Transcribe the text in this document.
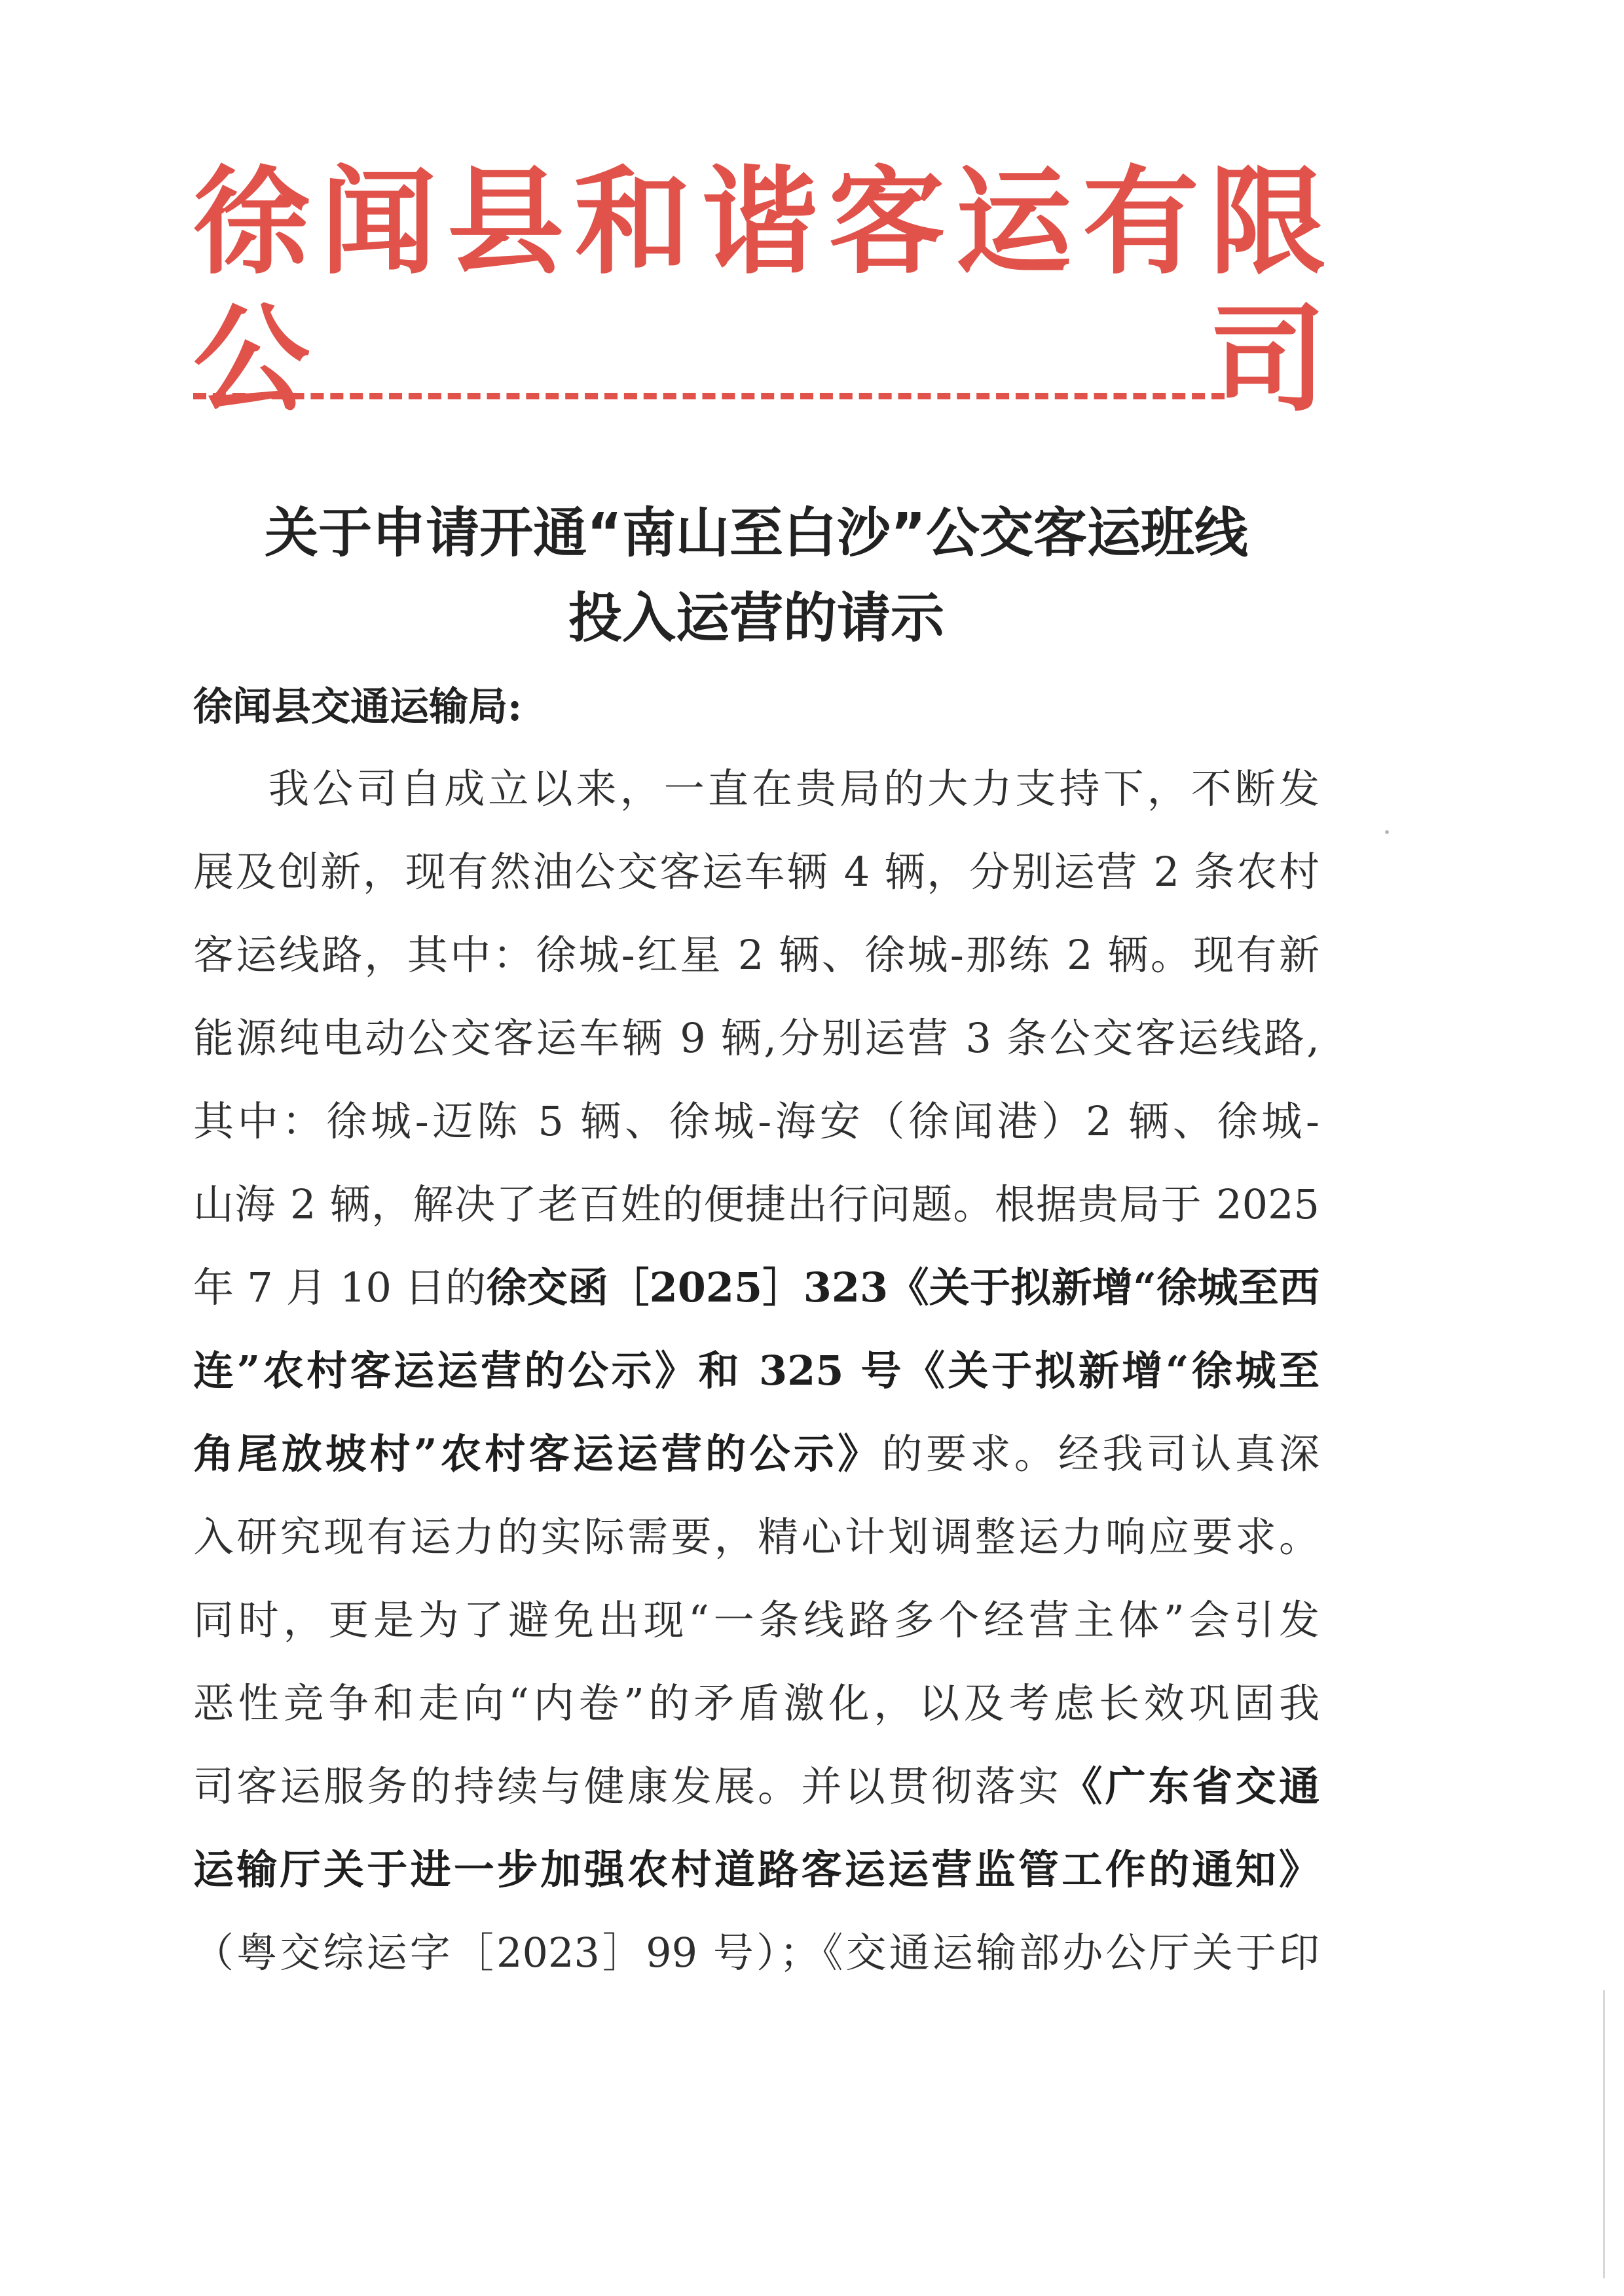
徐闻县和谐客运有限公司
关于申请开通“南山至白沙”公交客运班线
投入运营的请示
徐闻县交通运输局:
我公司自成立以来，一直在贵局的大力支持下，不断发
展及创新，现有然油公交客运车辆 4 辆，分别运营 2 条农村
客运线路，其中：徐城-红星 2 辆、徐城-那练 2 辆。现有新
能源纯电动公交客运车辆 9 辆,分别运营 3 条公交客运线路,
其中：徐城-迈陈 5 辆、徐城-海安（徐闻港）2 辆、徐城-
山海 2 辆，解决了老百姓的便捷出行问题。根据贵局于 2025
年 7 月 10 日的徐交函［2025］323《关于拟新增“徐城至西
连”农村客运运营的公示》和 325 号《关于拟新增“徐城至
角尾放坡村”农村客运运营的公示》的要求。经我司认真深
入研究现有运力的实际需要，精心计划调整运力响应要求。
同时，更是为了避免出现“一条线路多个经营主体”会引发
恶性竞争和走向“内卷”的矛盾激化，以及考虑长效巩固我
司客运服务的持续与健康发展。并以贯彻落实《广东省交通
运输厅关于进一步加强农村道路客运运营监管工作的通知》
（粤交综运字［2023］99 号）；《交通运输部办公厅关于印
